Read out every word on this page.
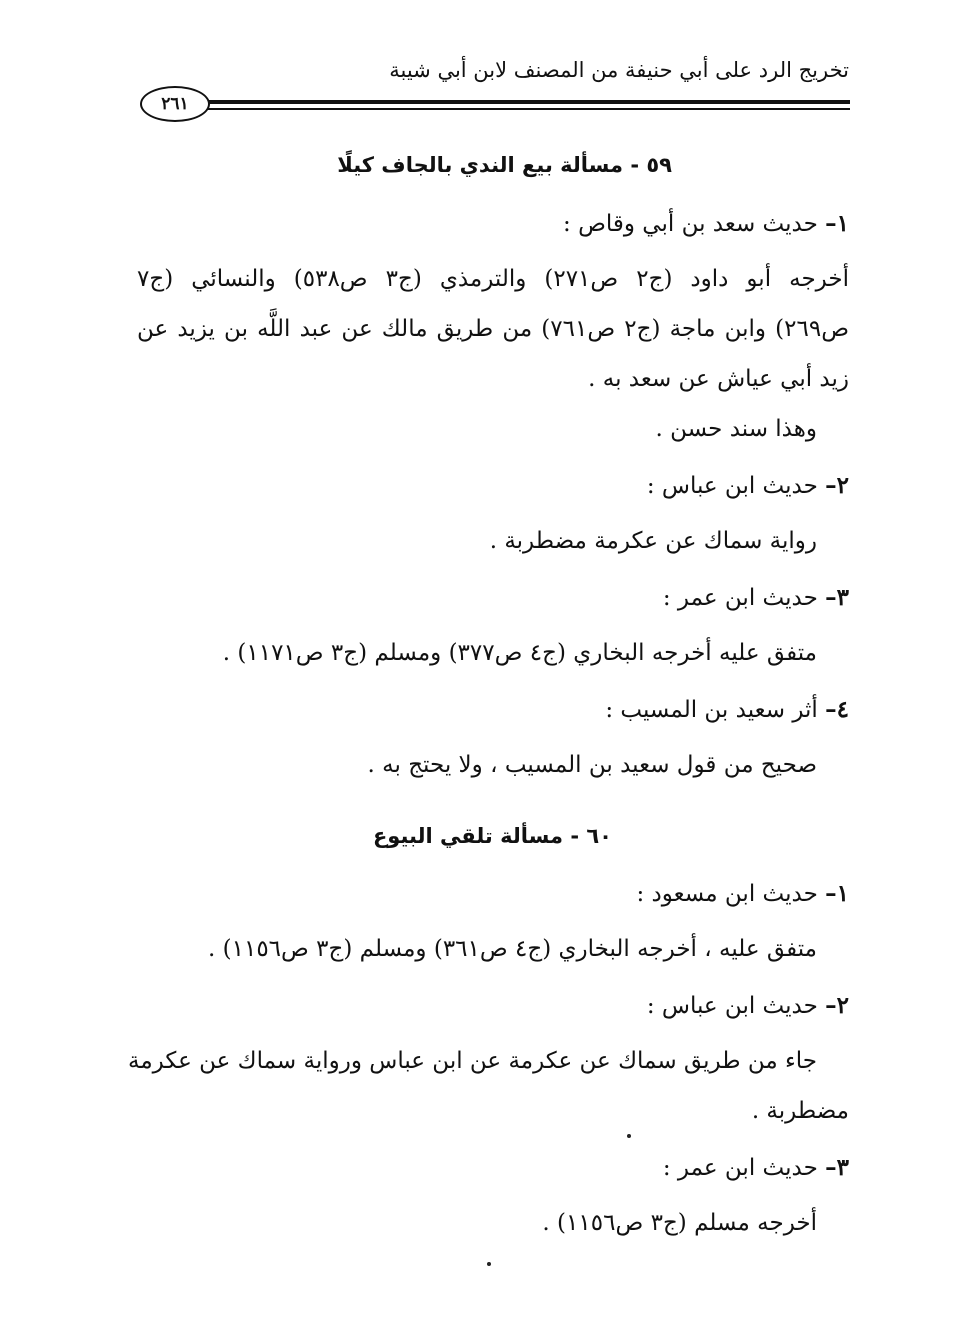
تخريج الرد على أبي حنيفة من المصنف لابن أبي شيبة
٢٦١
٥٩ - مسألة بيع الندي بالجاف كيلًا
١– حديث سعد بن أبي وقاص :
أخرجه أبو داود (ج٢ ص٢٧١) والترمذي (ج٣ ص٥٣٨) والنسائي (ج٧
ص٢٦٩) وابن ماجة (ج٢ ص٧٦١) من طريق مالك عن عبد اللَّه بن يزيد عن
زيد أبي عياش عن سعد به .
وهذا سند حسن .
٢– حديث ابن عباس :
رواية سماك عن عكرمة مضطربة .
٣– حديث ابن عمر :
متفق عليه أخرجه البخاري (ج٤ ص٣٧٧) ومسلم (ج٣ ص١١٧١) .
٤– أثر سعيد بن المسيب :
صحيح من قول سعيد بن المسيب ، ولا يحتج به .
٦٠ - مسألة تلقي البيوع
١– حديث ابن مسعود :
متفق عليه ، أخرجه البخاري (ج٤ ص٣٦١) ومسلم (ج٣ ص١١٥٦) .
٢– حديث ابن عباس :
جاء من طريق سماك عن عكرمة عن ابن عباس ورواية سماك عن عكرمة
مضطربة .
٣– حديث ابن عمر :
أخرجه مسلم (ج٣ ص١١٥٦) .
